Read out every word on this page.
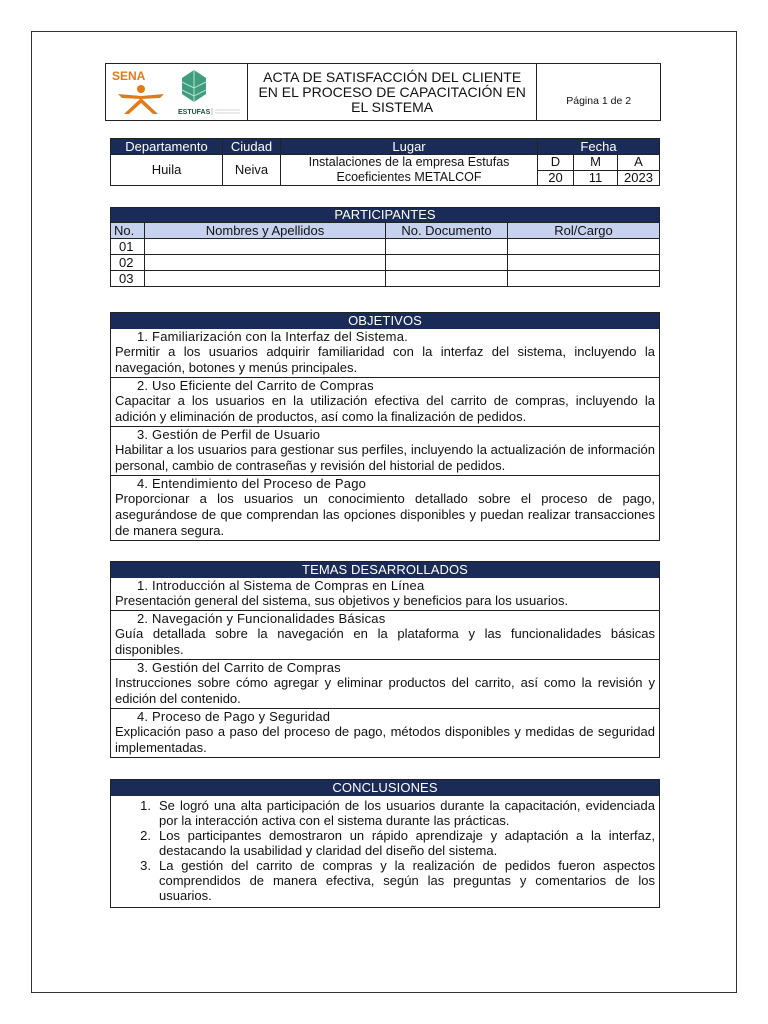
SENA
ESTUFAS
	ACTA DE SATISFACCIÓN DEL CLIENTE EN EL PROCESO DE CAPACITACIÓN EN EL SISTEMA	Página 1 de 2
Departamento	Ciudad	Lugar	Fecha		
Huila	Neiva	Instalaciones de la empresa Estufas Ecoeficientes METALCOF	D	M	A
			20	11	2023
PARTICIPANTES			
No.	Nombres y Apellidos	No. Documento	Rol/Cargo
01			
02			
03			
OBJETIVOS
1. Familiarización con la Interfaz del Sistema.
Permitir a los usuarios adquirir familiaridad con la interfaz del sistema, incluyendo la navegación, botones y menús principales.
2. Uso Eficiente del Carrito de Compras
Capacitar a los usuarios en la utilización efectiva del carrito de compras, incluyendo la adición y eliminación de productos, así como la finalización de pedidos.
3. Gestión de Perfil de Usuario
Habilitar a los usuarios para gestionar sus perfiles, incluyendo la actualización de información personal, cambio de contraseñas y revisión del historial de pedidos.
4. Entendimiento del Proceso de Pago
Proporcionar a los usuarios un conocimiento detallado sobre el proceso de pago, asegurándose de que comprendan las opciones disponibles y puedan realizar transacciones de manera segura.
TEMAS DESARROLLADOS
1. Introducción al Sistema de Compras en Línea
Presentación general del sistema, sus objetivos y beneficios para los usuarios.
2. Navegación y Funcionalidades Básicas
Guía detallada sobre la navegación en la plataforma y las funcionalidades básicas disponibles.
3. Gestión del Carrito de Compras
Instrucciones sobre cómo agregar y eliminar productos del carrito, así como la revisión y edición del contenido.
4. Proceso de Pago y Seguridad
Explicación paso a paso del proceso de pago, métodos disponibles y medidas de seguridad implementadas.
CONCLUSIONES
1. Se logró una alta participación de los usuarios durante la capacitación, evidenciada por la interacción activa con el sistema durante las prácticas.
2. Los participantes demostraron un rápido aprendizaje y adaptación a la interfaz, destacando la usabilidad y claridad del diseño del sistema.
3. La gestión del carrito de compras y la realización de pedidos fueron aspectos comprendidos de manera efectiva, según las preguntas y comentarios de los usuarios.
